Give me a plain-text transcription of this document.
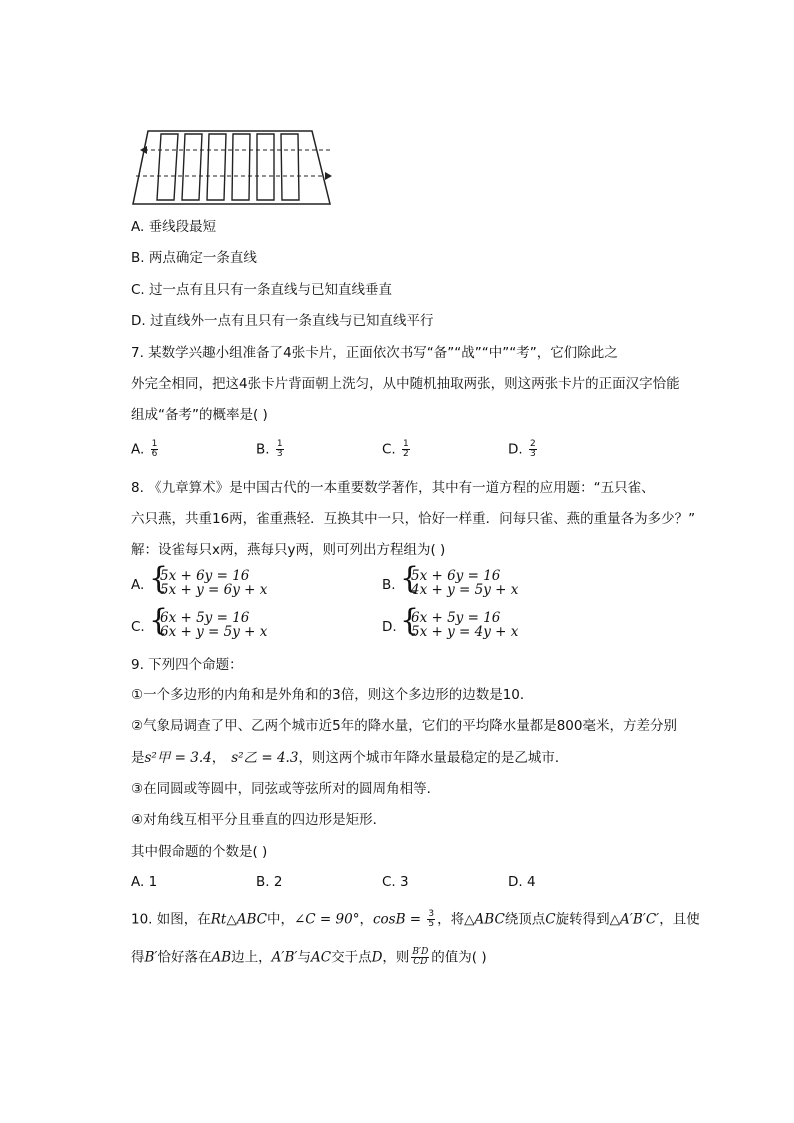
A. 垂线段最短
B. 两点确定一条直线
C. 过一点有且只有一条直线与已知直线垂直
D. 过直线外一点有且只有一条直线与已知直线平行
7. 某数学兴趣小组准备了4张卡片，正面依次书写“备”“战”“中”“考”，它们除此之
外完全相同，把这4张卡片背面朝上洗匀，从中随机抽取两张，则这两张卡片的正面汉字恰能
组成“备考”的概率是( )
A. $\frac{1}{6}$	B. $\frac{1}{3}$	C. $\frac{1}{2}$	D. $\frac{2}{3}$
8. 《九章算术》是中国古代的一本重要数学著作，其中有一道方程的应用题：“五只雀、
六只燕，共重16两，雀重燕轻．互换其中一只，恰好一样重．问每只雀、燕的重量各为多少？”
解：设雀每只x两，燕每只y两，则可列出方程组为( )
A. {
5x + 6y = 16
5x + y = 6y + x	B. {
5x + 6y = 16
4x + y = 5y + x
C. {
6x + 5y = 16
6x + y = 5y + x	D. {
6x + 5y = 16
5x + y = 4y + x
9. 下列四个命题：
①一个多边形的内角和是外角和的3倍，则这个多边形的边数是10．
②气象局调查了甲、乙两个城市近5年的降水量，它们的平均降水量都是800毫米，方差分别
是s²甲 = 3.4， s²乙 = 4.3，则这两个城市年降水量最稳定的是乙城市．
③在同圆或等圆中，同弦或等弦所对的圆周角相等．
④对角线互相平分且垂直的四边形是矩形．
其中假命题的个数是( )
A. 1	B. 2	C. 3	D. 4
10. 如图，在Rt△ABC中，∠C = 90°，$\cos B = \frac{3}{5}$ ，将△ABC绕顶点C旋转得到△A′B′C′，且使
得B′恰好落在AB边上，A′B′与AC交于点D，则 $\frac{B'D}{CD}$ 的值为( )
